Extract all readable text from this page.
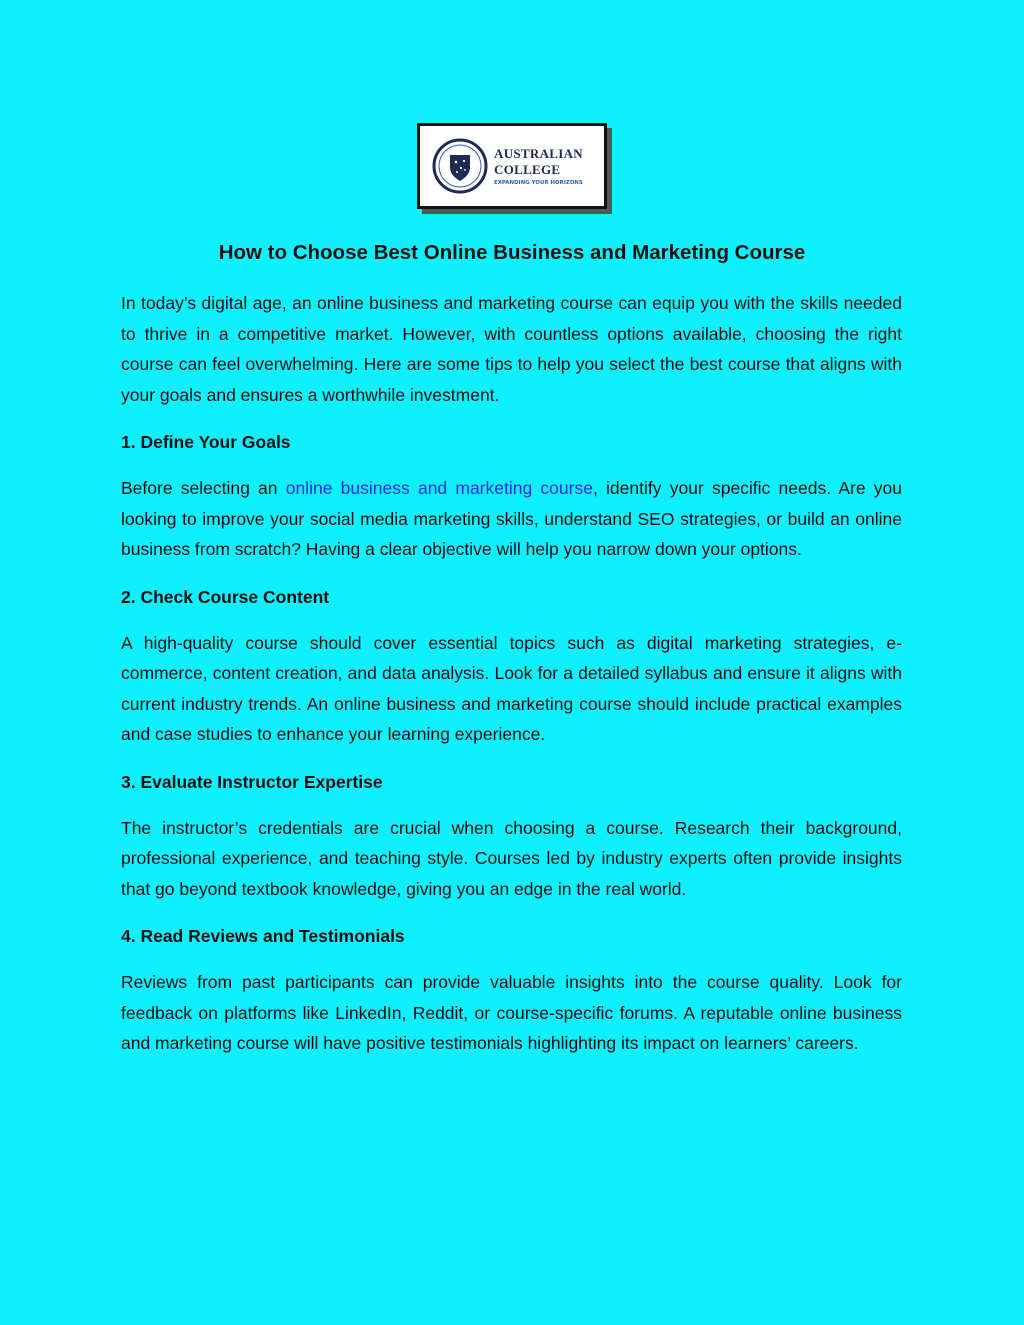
AUSTRALIAN
COLLEGE
EXPANDING YOUR HORIZONS
How to Choose Best Online Business and Marketing Course

In today’s digital age, an online business and marketing course can equip you with the skills needed to thrive in a competitive market. However, with countless options available, choosing the right course can feel overwhelming. Here are some tips to help you select the best course that aligns with your goals and ensures a worthwhile investment.

1. Define Your Goals

Before selecting an online business and marketing course, identify your specific needs. Are you looking to improve your social media marketing skills, understand SEO strategies, or build an online business from scratch? Having a clear objective will help you narrow down your options.

2. Check Course Content

A high-quality course should cover essential topics such as digital marketing strategies, e-commerce, content creation, and data analysis. Look for a detailed syllabus and ensure it aligns with current industry trends. An online business and marketing course should include practical examples and case studies to enhance your learning experience.

3. Evaluate Instructor Expertise

The instructor’s credentials are crucial when choosing a course. Research their background, professional experience, and teaching style. Courses led by industry experts often provide insights that go beyond textbook knowledge, giving you an edge in the real world.

4. Read Reviews and Testimonials

Reviews from past participants can provide valuable insights into the course quality. Look for feedback on platforms like LinkedIn, Reddit, or course-specific forums. A reputable online business and marketing course will have positive testimonials highlighting its impact on learners’ careers.
